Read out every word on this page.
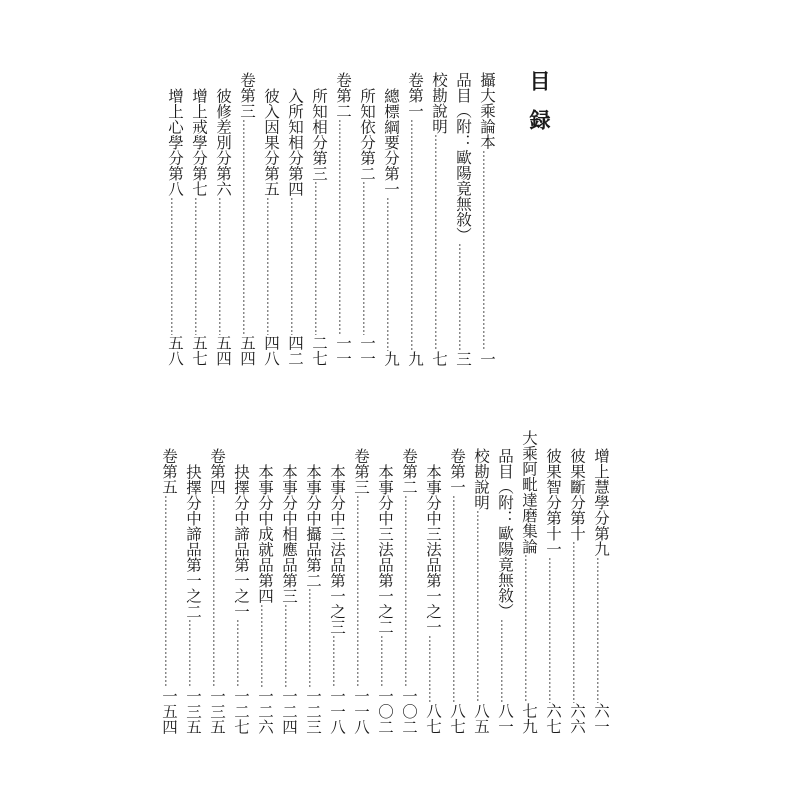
目録
攝大乘論本
……………………………………………………………………………………………………………………
一
品目（附：歐陽竟無敘）
……………………………………………………………………………………………………………………
三
校勘說明
……………………………………………………………………………………………………………………
七
卷第一
……………………………………………………………………………………………………………………
九
總標綱要分第一
……………………………………………………………………………………………………………………
九
所知依分第二
……………………………………………………………………………………………………………………
一一
卷第二
……………………………………………………………………………………………………………………
一一
所知相分第三
……………………………………………………………………………………………………………………
二七
入所知相分第四
……………………………………………………………………………………………………………………
四二
彼入因果分第五
……………………………………………………………………………………………………………………
四八
卷第三
……………………………………………………………………………………………………………………
五四
彼修差別分第六
……………………………………………………………………………………………………………………
五四
增上戒學分第七
……………………………………………………………………………………………………………………
五七
增上心學分第八
……………………………………………………………………………………………………………………
五八
增上慧學分第九
……………………………………………………………………………………………………………………
六一
彼果斷分第十
……………………………………………………………………………………………………………………
六六
彼果智分第十一
……………………………………………………………………………………………………………………
六七
大乘阿毗達磨集論
……………………………………………………………………………………………………………………
七九
品目（附：歐陽竟無敘）
……………………………………………………………………………………………………………………
八一
校勘說明
……………………………………………………………………………………………………………………
八五
卷第一
……………………………………………………………………………………………………………………
八七
本事分中三法品第一之一
……………………………………………………………………………………………………………………
八七
卷第二
……………………………………………………………………………………………………………………
一〇二
本事分中三法品第一之二
……………………………………………………………………………………………………………………
一〇二
卷第三
……………………………………………………………………………………………………………………
一一八
本事分中三法品第一之三
……………………………………………………………………………………………………………………
一一八
本事分中攝品第二
……………………………………………………………………………………………………………………
一二三
本事分中相應品第三
……………………………………………………………………………………………………………………
一二四
本事分中成就品第四
……………………………………………………………………………………………………………………
一二六
抉擇分中諦品第一之一
……………………………………………………………………………………………………………………
一二七
卷第四
……………………………………………………………………………………………………………………
一三五
抉擇分中諦品第一之二
……………………………………………………………………………………………………………………
一三五
卷第五
……………………………………………………………………………………………………………………
一五四
